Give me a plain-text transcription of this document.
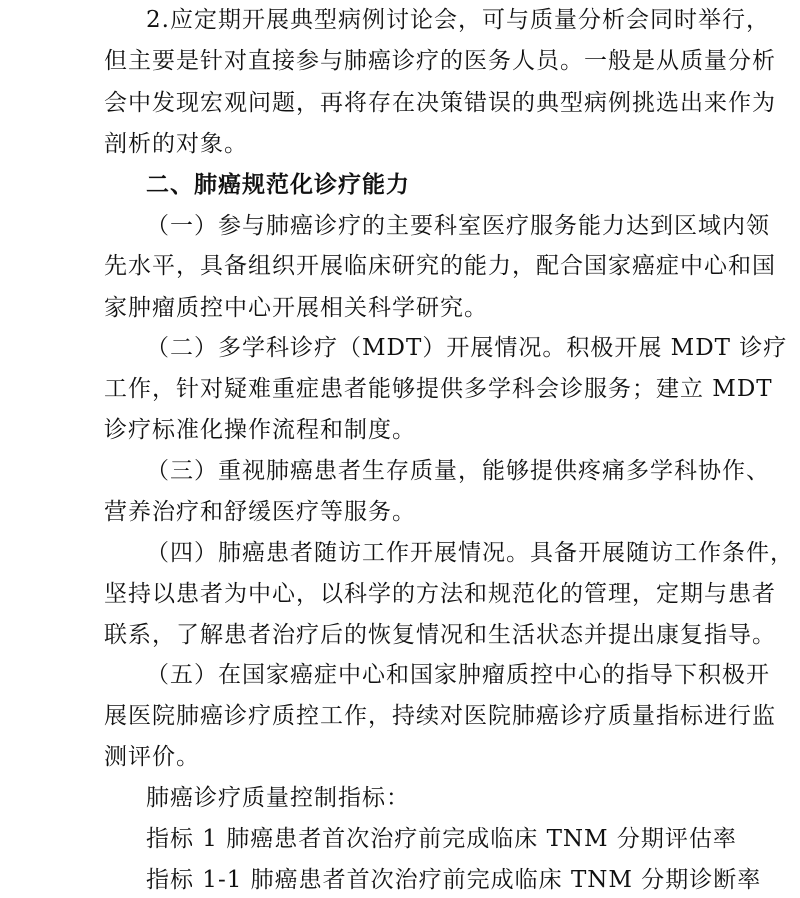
2.应定期开展典型病例讨论会，可与质量分析会同时举行，
但主要是针对直接参与肺癌诊疗的医务人员。一般是从质量分析
会中发现宏观问题，再将存在决策错误的典型病例挑选出来作为
剖析的对象。
二、肺癌规范化诊疗能力
（一）参与肺癌诊疗的主要科室医疗服务能力达到区域内领
先水平，具备组织开展临床研究的能力，配合国家癌症中心和国
家肿瘤质控中心开展相关科学研究。
（二）多学科诊疗（MDT）开展情况。积极开展 MDT 诊疗
工作，针对疑难重症患者能够提供多学科会诊服务；建立 MDT
诊疗标准化操作流程和制度。
（三）重视肺癌患者生存质量，能够提供疼痛多学科协作、
营养治疗和舒缓医疗等服务。
（四）肺癌患者随访工作开展情况。具备开展随访工作条件，
坚持以患者为中心，以科学的方法和规范化的管理，定期与患者
联系，了解患者治疗后的恢复情况和生活状态并提出康复指导。
（五）在国家癌症中心和国家肿瘤质控中心的指导下积极开
展医院肺癌诊疗质控工作，持续对医院肺癌诊疗质量指标进行监
测评价。
肺癌诊疗质量控制指标：
指标 1 肺癌患者首次治疗前完成临床 TNM 分期评估率
指标 1-1 肺癌患者首次治疗前完成临床 TNM 分期诊断率
